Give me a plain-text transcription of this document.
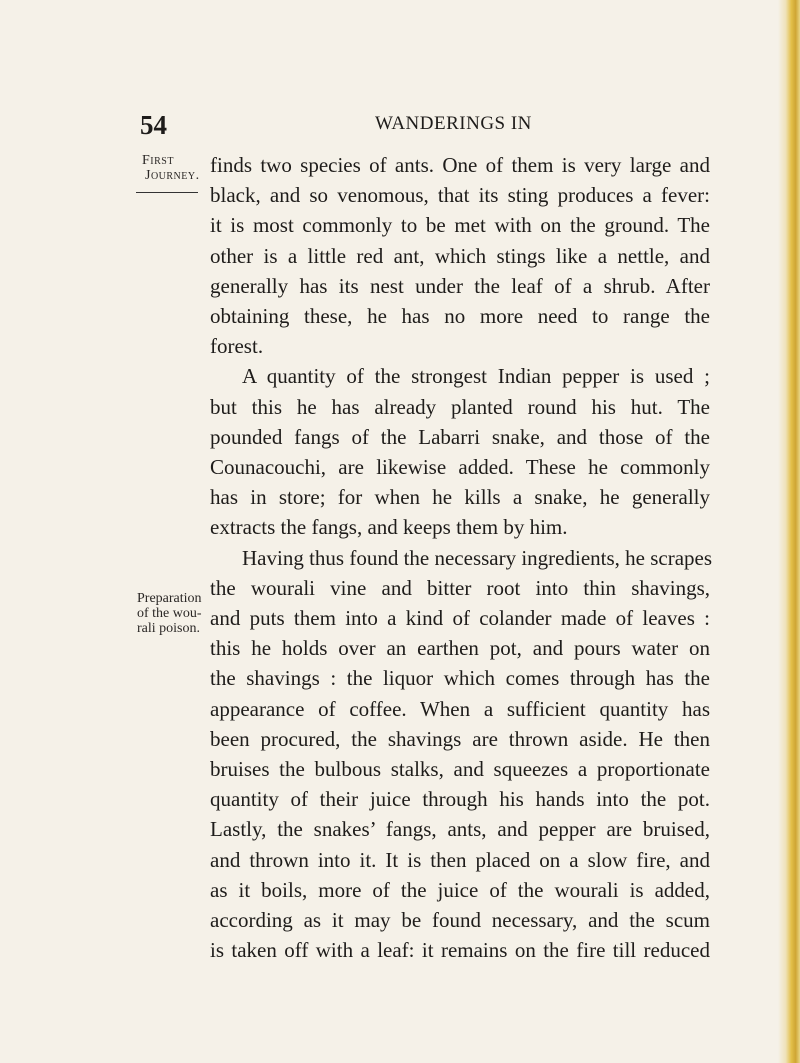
54	WANDERINGS IN
First
Journey.
Preparation
of the wou-
rali poison.
finds two species of ants. One of them is very large and
black, and so venomous, that its sting produces a fever:
it is most commonly to be met with on the ground. The
other is a little red ant, which stings like a nettle, and
generally has its nest under the leaf of a shrub. After
obtaining these, he has no more need to range the
forest.
A quantity of the strongest Indian pepper is used ;
but this he has already planted round his hut. The
pounded fangs of the Labarri snake, and those of the
Counacouchi, are likewise added. These he commonly
has in store; for when he kills a snake, he generally
extracts the fangs, and keeps them by him.
Having thus found the necessary ingredients, he scrapes
the wourali vine and bitter root into thin shavings,
and puts them into a kind of colander made of leaves :
this he holds over an earthen pot, and pours water on
the shavings : the liquor which comes through has the
appearance of coffee. When a sufficient quantity has
been procured, the shavings are thrown aside. He then
bruises the bulbous stalks, and squeezes a proportionate
quantity of their juice through his hands into the pot.
Lastly, the snakes’ fangs, ants, and pepper are bruised,
and thrown into it. It is then placed on a slow fire, and
as it boils, more of the juice of the wourali is added,
according as it may be found necessary, and the scum
is taken off with a leaf: it remains on the fire till reduced
